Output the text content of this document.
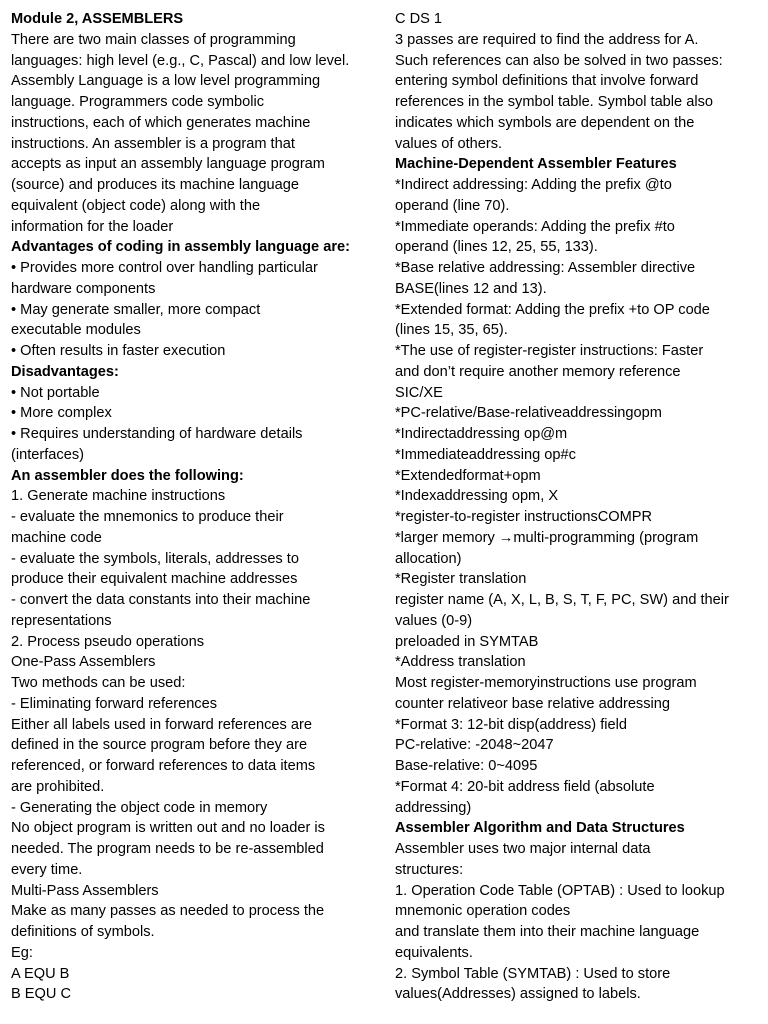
Module 2, ASSEMBLERS
There are two main classes of programming
languages: high level (e.g., C, Pascal) and low level.
Assembly Language is a low level programming
language. Programmers code symbolic
instructions, each of which generates machine
instructions. An assembler is a program that
accepts as input an assembly language program
(source) and produces its machine language
equivalent (object code) along with the
information for the loader
Advantages of coding in assembly language are:
• Provides more control over handling particular
hardware components
• May generate smaller, more compact
executable modules
• Often results in faster execution
Disadvantages:
• Not portable
• More complex
• Requires understanding of hardware details
(interfaces)
An assembler does the following:
1. Generate machine instructions
- evaluate the mnemonics to produce their
machine code
- evaluate the symbols, literals, addresses to
produce their equivalent machine addresses
- convert the data constants into their machine
representations
2. Process pseudo operations
One-Pass Assemblers
Two methods can be used:
- Eliminating forward references
Either all labels used in forward references are
defined in the source program before they are
referenced, or forward references to data items
are prohibited.
- Generating the object code in memory
No object program is written out and no loader is
needed. The program needs to be re-assembled
every time.
Multi-Pass Assemblers
Make as many passes as needed to process the
definitions of symbols.
Eg:
A EQU B
B EQU C
C DS 1
3 passes are required to find the address for A.
Such references can also be solved in two passes:
entering symbol definitions that involve forward
references in the symbol table. Symbol table also
indicates which symbols are dependent on the
values of others.
Machine-Dependent Assembler Features
*Indirect addressing: Adding the prefix @to
operand (line 70).
*Immediate operands: Adding the prefix #to
operand (lines 12, 25, 55, 133).
*Base relative addressing: Assembler directive
BASE(lines 12 and 13).
*Extended format: Adding the prefix +to OP code
(lines 15, 35, 65).
*The use of register-register instructions: Faster
and don’t require another memory reference
SIC/XE
*PC-relative/Base-relativeaddressingopm
*Indirectaddressing op@m
*Immediateaddressing op#c
*Extendedformat+opm
*Indexaddressing opm, X
*register-to-register instructionsCOMPR
*larger memory →multi-programming (program
allocation)
*Register translation
register name (A, X, L, B, S, T, F, PC, SW) and their
values (0-9)
preloaded in SYMTAB
*Address translation
Most register-memoryinstructions use program
counter relativeor base relative addressing
*Format 3: 12-bit disp(address) field
PC-relative: -2048~2047
Base-relative: 0~4095
*Format 4: 20-bit address field (absolute
addressing)
Assembler Algorithm and Data Structures
Assembler uses two major internal data
structures:
1. Operation Code Table (OPTAB) : Used to lookup
mnemonic operation codes
and translate them into their machine language
equivalents.
2. Symbol Table (SYMTAB) : Used to store
values(Addresses) assigned to labels.
